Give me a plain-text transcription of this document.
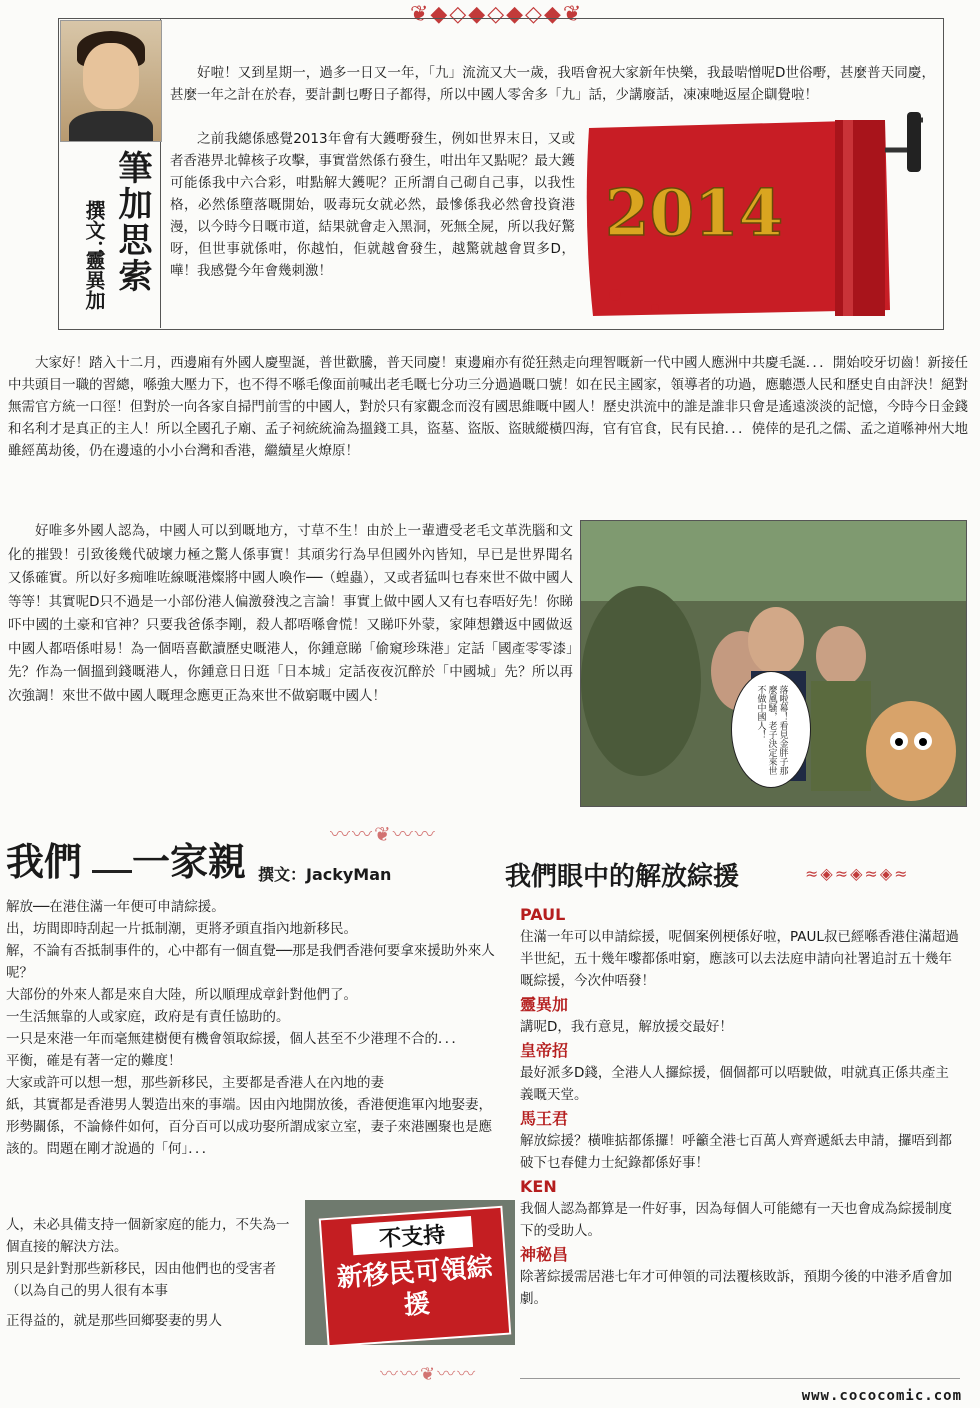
❦◆◇◆◇◆◇◆❦
筆加思索
撰文：
靈異加

好啦！又到星期一，過多一日又一年，「九」流流又大一歲，我唔會祝大家新年快樂，我最啱憎呢D世俗嘢，甚麼普天同慶，甚麼一年之計在於春，要計劃乜嘢日子都得，所以中國人零舍多「九」話，少講廢話，凍凍哋返屋企瞓覺啦！

之前我總係感覺2013年會有大鑊嘢發生，例如世界末日，又或者香港畀北韓核子攻擊，事實當然係冇發生，咁出年又點呢？最大鑊可能係我中六合彩，咁點解大鑊呢？正所謂自己砌自己事，以我性格，必然係墮落嘅開始，吸毒玩女就必然，最慘係我必然會投資港漫，以今時今日嘅市道，結果就會走入黑洞，死無全屍，所以我好驚呀，但世事就係咁，你越怕，佢就越會發生，越驚就越會買多D，嘩！我感覺今年會幾刺激！

2014

大家好！踏入十二月，西邊廂有外國人慶聖誕，普世歡騰，普天同慶！東邊廂亦有從狂熱走向理智嘅新一代中國人應洲中共慶毛誕．．．開始咬牙切齒！新接任中共頭目一職的習總，喺強大壓力下，也不得不喺毛像面前喊出老毛嘅七分功三分過過嘅口號！如在民主國家，領導者的功過，應聽憑人民和歷史自由評決！絕對無需官方統一口徑！但對於一向各家自掃門前雪的中國人，對於只有家觀念而沒有國思維嘅中國人！歷史洪流中的誰是誰非只會是遙遠淡淡的記憶，今時今日金錢和名利才是真正的主人！所以全國孔子廟、孟子祠統統淪為搵錢工具，盜墓、盜版、盜賊縱橫四海，官有官食，民有民搶．．．僥倖的是孔之儒、孟之道喺神州大地雖經萬劫後，仍在邊遠的小小台灣和香港，繼續星火燎原！

好唯多外國人認為，中國人可以到嘅地方，寸草不生！由於上一輩遭受老毛文革洗腦和文化的摧毀！引致後幾代破壞力極之驚人係事實！其頑劣行為早但國外內皆知，早已是世界聞名又係確實。所以好多痴唯咗線嘅港燦將中國人喚作──（蝗蟲），又或者猛叫乜春來世不做中國人等等！其實呢D只不過是一小部份港人偏激發洩之言論！事實上做中國人又有乜春唔好先！你睇吓中國的土豪和官神？只要我爸係李剛，殺人都唔喺會慌！又睇吓外蒙，家陣想鑽返中國做返中國人都唔係咁易！為一個唔喜歡讀歷史嘅港人，你鍾意睇「偷窺珍珠港」定話「國產零零漆」先？作為一個搵到錢嘅港人，你鍾意日日逛「日本城」定話夜夜沉醉於「中國城」先？所以再次強調！來世不做中國人嘅理念應更正為來世不做窮嘅中國人！	落啦幕！看見金胖子那麼風騷，老子決定來世不做中國人！
〰〰❦〰〰
我們 一家親 撰文：JackyMan	我們眼中的解放綜援	≈◈≈◈≈◈≈
解放──在港住滿一年便可申請綜援。
出，坊間即時刮起一片抵制潮，更將矛頭直指內地新移民。
解，不論有否抵制事件的，心中都有一個直覺──那是我們香港何要拿來援助外來人呢？
大部份的外來人都是來自大陸，所以順理成章針對他們了。
一生活無靠的人或家庭，政府是有責任協助的。
一只是來港一年而毫無建樹便有機會領取綜援，個人甚至不少港理不合的．．．
平衡，確是有著一定的難度！
大家或許可以想一想，那些新移民，主要都是香港人在內地的妻
紙，其實都是香港男人製造出來的事端。因由內地開放後，香港便進軍內地娶妻，形勢關係，不論條件如何，百分百可以成功娶所謂成家立室，妻子來港團聚也是應該的。問題在剛才說過的「何」．．．
人，未必具備支持一個新家庭的能力，不失為一個直接的解決方法。
別只是針對那些新移民，因由他們也的受害者（以為自己的男人很有本事
正得益的，就是那些回鄉娶妻的男人
不支持
新移民可領綜援
PAUL

住滿一年可以申請綜援，呢個案例梗係好啦，PAUL叔已經喺香港住滿超過半世紀，五十幾年嚟都係咁窮，應該可以去法庭申請向社署追討五十幾年嘅綜援，今次仲唔發！

靈異加

講呢D，我冇意見，解放援交最好！

皇帝招

最好派多D錢，全港人人攞綜援，個個都可以唔駛做，咁就真正係共產主義嘅天堂。

馬王君

解放綜援？橫唯掂都係攞！呼籲全港七百萬人齊齊遞紙去申請，攞唔到都破下乜春健力士紀錄都係好事！

KEN

我個人認為都算是一件好事，因為每個人可能總有一天也會成為綜援制度下的受助人。

神秘昌

除著綜援需居港七年才可伸領的司法覆核敗訴，預期今後的中港矛盾會加劇。

〰〰❦〰〰
www.cococomic.com
